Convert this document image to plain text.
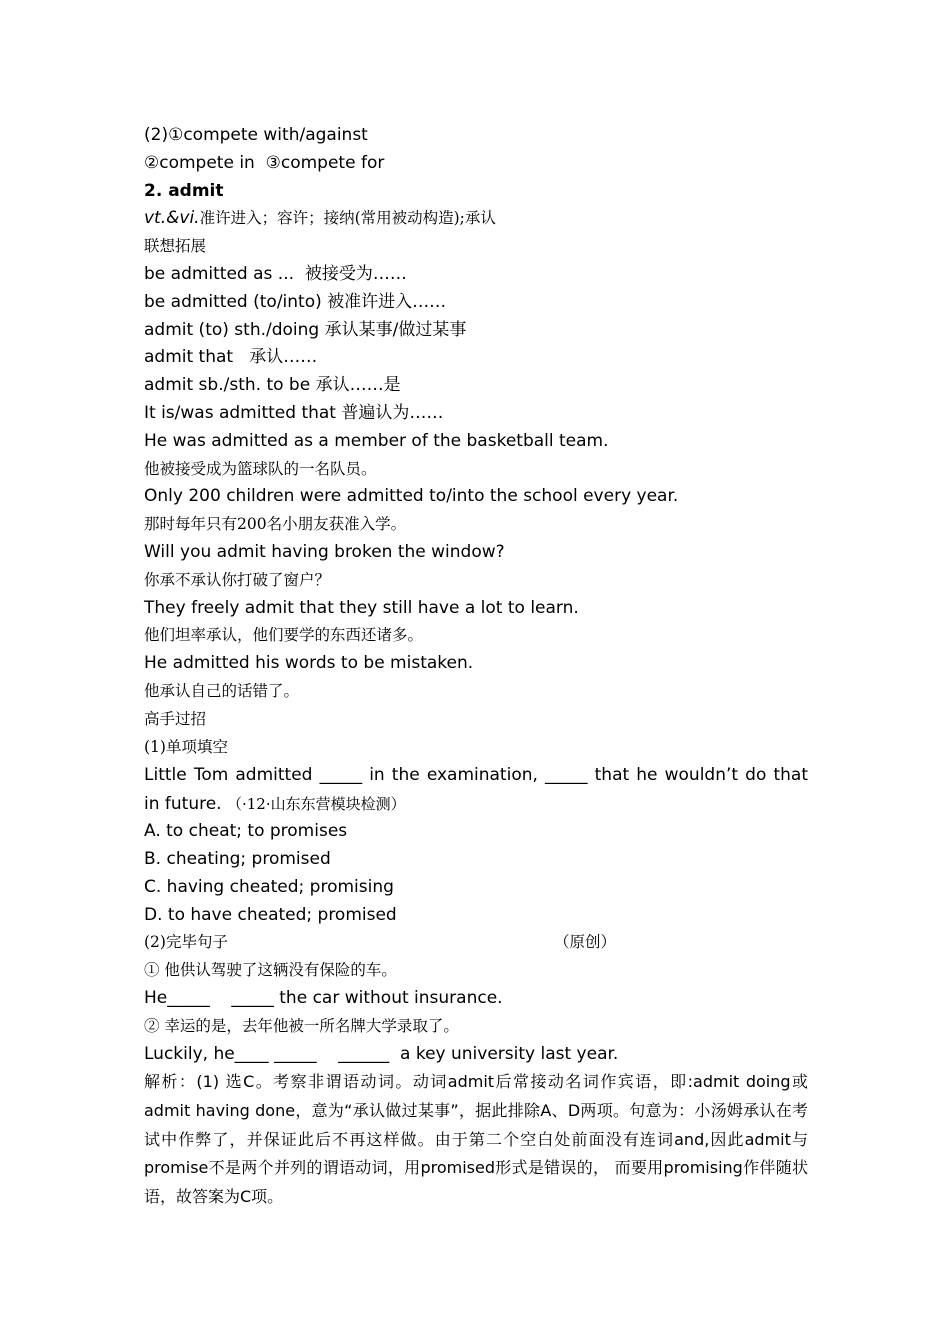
(2)①compete with/against
②compete in  ③compete for
2. admit
vt.&vi.准许进入；容许；接纳(常用被动构造);承认
联想拓展
be admitted as ...  被接受为……
be admitted (to/into) 被准许进入……
admit (to) sth./doing 承认某事/做过某事
admit that   承认……
admit sb./sth. to be 承认……是
It is/was admitted that 普遍认为……
He was admitted as a member of the basketball team.
他被接受成为篮球队的一名队员。
Only 200 children were admitted to/into the school every year.
那时每年只有200名小朋友获准入学。
Will you admit having broken the window?
你承不承认你打破了窗户？
They freely admit that they still have a lot to learn.
他们坦率承认，他们要学的东西还诸多。
He admitted his words to be mistaken.
他承认自己的话错了。
高手过招
(1)单项填空
Little Tom admitted _____ in the examination, _____ that he wouldn’t do that in future. （·12·山东东营模块检测）
A. to cheat; to promises
B. cheating; promised
C. having cheated; promising
D. to have cheated; promised
(2)完毕句子	（原创）
① 他供认驾驶了这辆没有保险的车。
He_____    _____ the car without insurance.
② 幸运的是，去年他被一所名牌大学录取了。
Luckily, he____ _____    ______  a key university last year.
解析：(1) 选C。考察非谓语动词。动词admit后常接动名词作宾语，即:admit doing或admit having done，意为“承认做过某事”，据此排除A、D两项。句意为：小汤姆承认在考试中作弊了，并保证此后不再这样做。由于第二个空白处前面没有连词and,因此admit与promise不是两个并列的谓语动词，用promised形式是错误的， 而要用promising作伴随状语，故答案为C项。
